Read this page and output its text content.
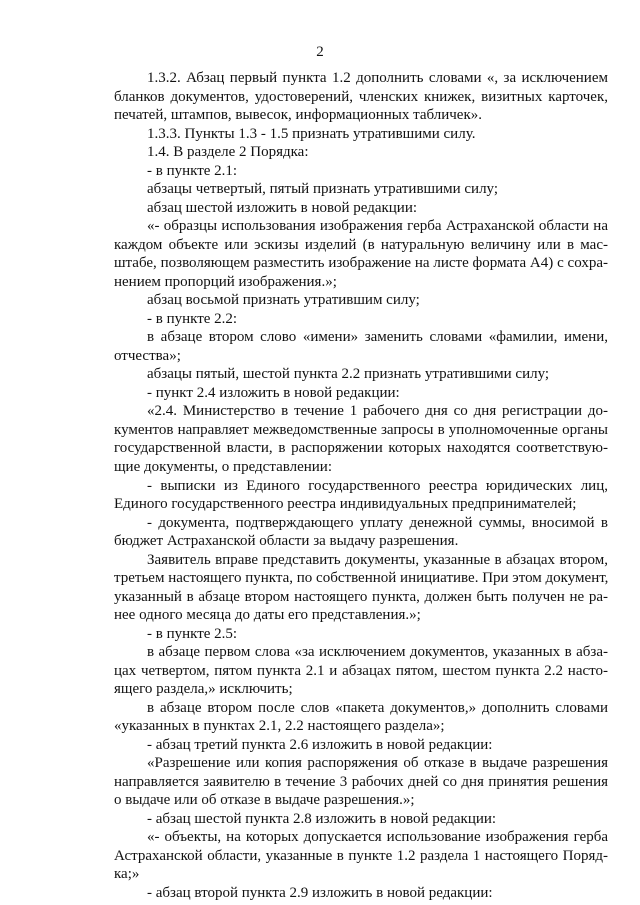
2
1.3.2. Абзац первый пункта 1.2 дополнить словами «, за исключением
бланков документов, удостоверений, членских книжек, визитных карточек,
печатей, штампов, вывесок, информационных табличек».
1.3.3. Пункты 1.3 - 1.5 признать утратившими силу.
1.4. В разделе 2 Порядка:
- в пункте 2.1:
абзацы четвертый, пятый признать утратившими силу;
абзац шестой изложить в новой редакции:
«- образцы использования изображения герба Астраханской области на
каждом объекте или эскизы изделий (в натуральную величину или в мас-
штабе, позволяющем разместить изображение на листе формата А4) с сохра-
нением пропорций изображения.»;
абзац восьмой признать утратившим силу;
- в пункте 2.2:
в абзаце втором слово «имени» заменить словами «фамилии, имени,
отчества»;
абзацы пятый, шестой пункта 2.2 признать утратившими силу;
- пункт 2.4 изложить в новой редакции:
«2.4. Министерство в течение 1 рабочего дня со дня регистрации до-
кументов направляет межведомственные запросы в уполномоченные органы
государственной власти, в распоряжении которых находятся соответствую-
щие документы, о представлении:
- выписки из Единого государственного реестра юридических лиц,
Единого государственного реестра индивидуальных предпринимателей;
- документа, подтверждающего уплату денежной суммы, вносимой в
бюджет Астраханской области за выдачу разрешения.
Заявитель вправе представить документы, указанные в абзацах втором,
третьем настоящего пункта, по собственной инициативе. При этом документ,
указанный в абзаце втором настоящего пункта, должен быть получен не ра-
нее одного месяца до даты его представления.»;
- в пункте 2.5:
в абзаце первом слова «за исключением документов, указанных в абза-
цах четвертом, пятом пункта 2.1 и абзацах пятом, шестом пункта 2.2 насто-
ящего раздела,» исключить;
в абзаце втором после слов «пакета документов,» дополнить словами
«указанных в пунктах 2.1, 2.2 настоящего раздела»;
- абзац третий пункта 2.6 изложить в новой редакции:
«Разрешение или копия распоряжения об отказе в выдаче разрешения
направляется заявителю в течение 3 рабочих дней со дня принятия решения
о выдаче или об отказе в выдаче разрешения.»;
- абзац шестой пункта 2.8 изложить в новой редакции:
«- объекты, на которых допускается использование изображения герба
Астраханской области, указанные в пункте 1.2 раздела 1 настоящего Поряд-
ка;»
- абзац второй пункта 2.9 изложить в новой редакции:
